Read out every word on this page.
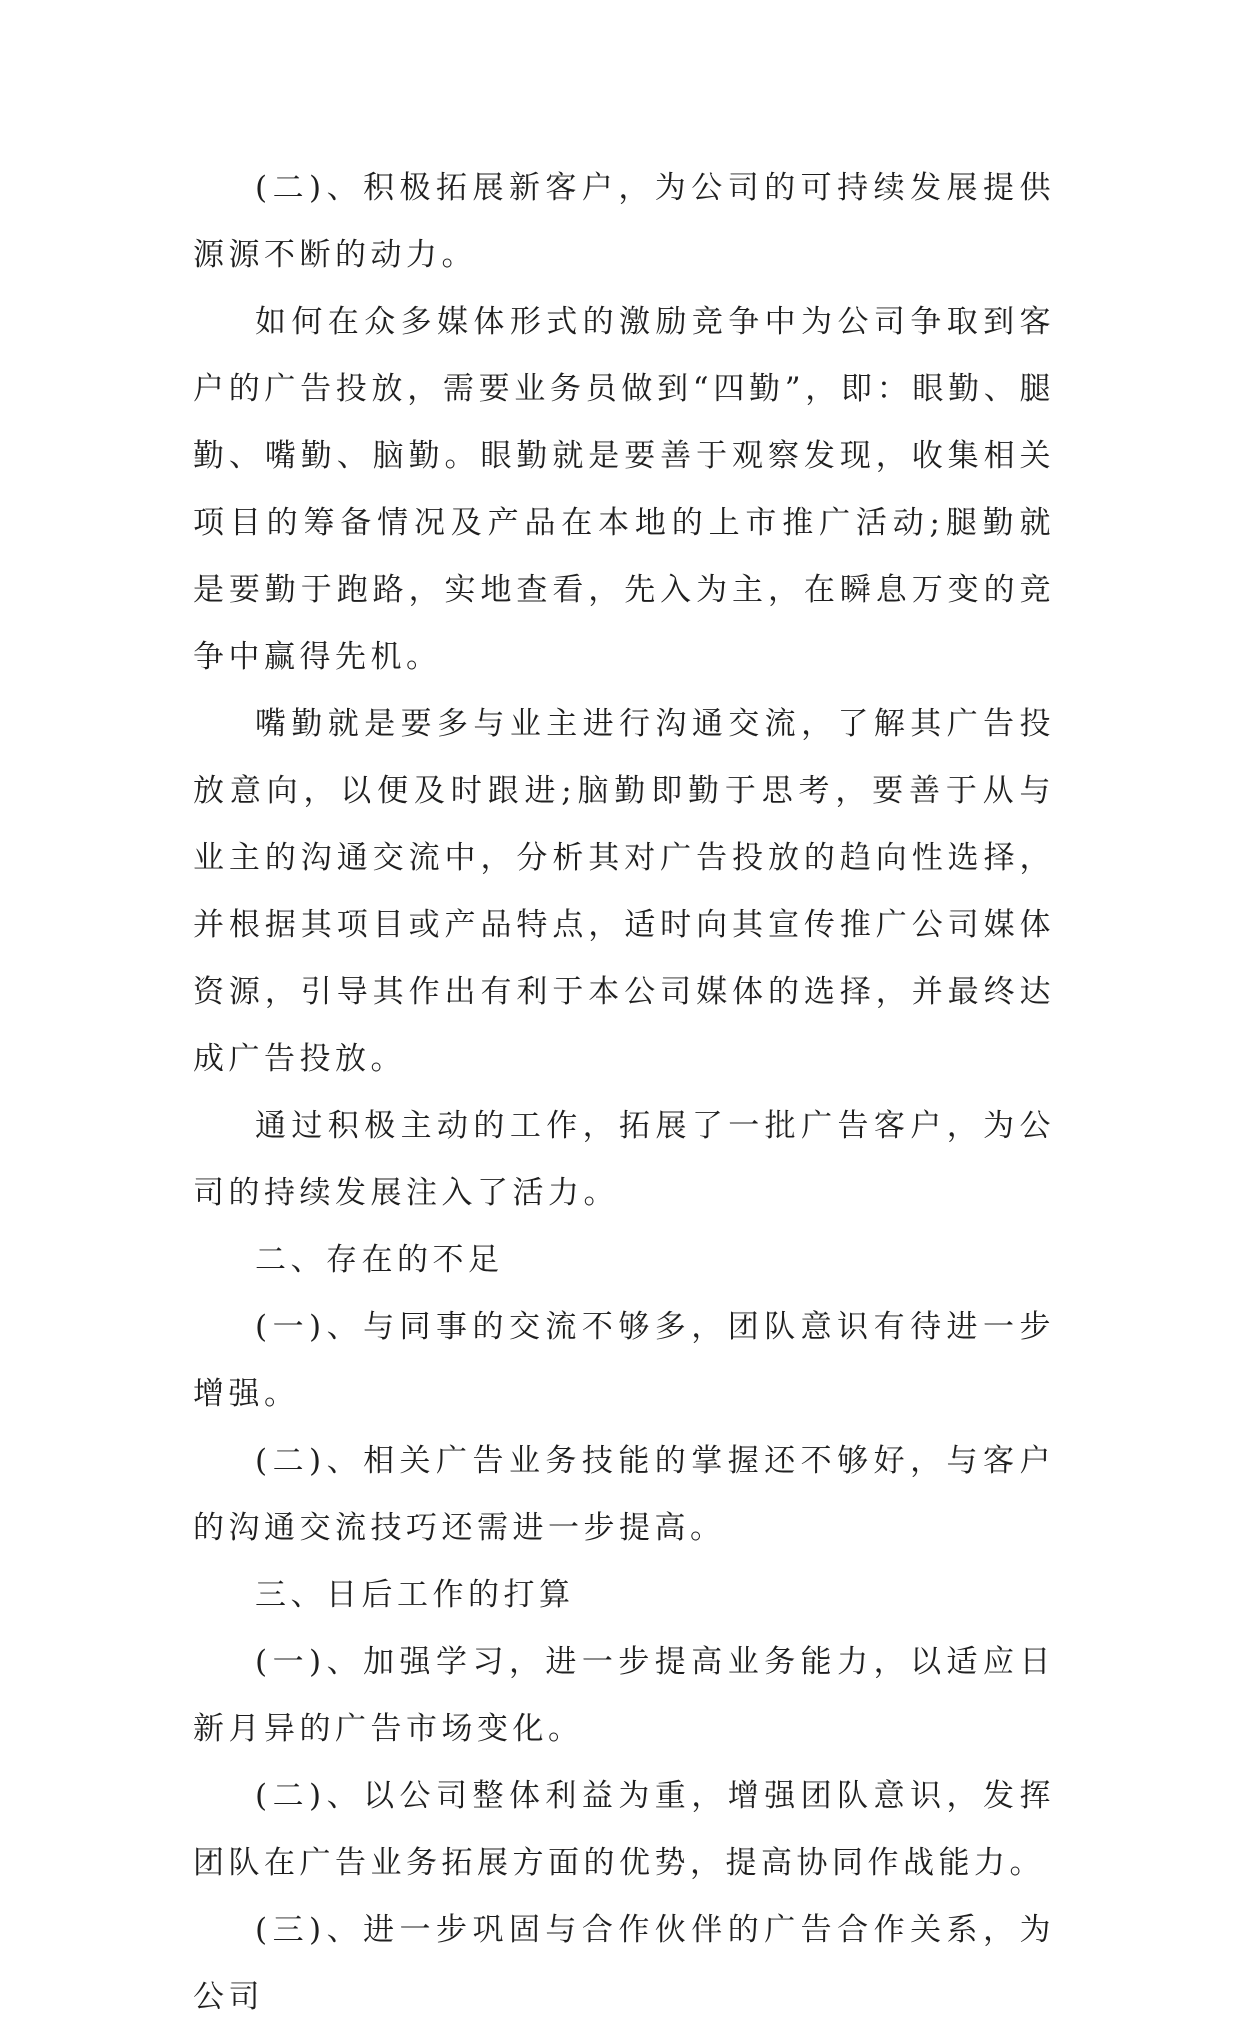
(二)、积极拓展新客户，为公司的可持续发展提供源源不断的动力。

如何在众多媒体形式的激励竞争中为公司争取到客户的广告投放，需要业务员做到“四勤”，即：眼勤、腿勤、嘴勤、脑勤。眼勤就是要善于观察发现，收集相关项目的筹备情况及产品在本地的上市推广活动;腿勤就是要勤于跑路，实地查看，先入为主，在瞬息万变的竞争中赢得先机。

嘴勤就是要多与业主进行沟通交流，了解其广告投放意向，以便及时跟进;脑勤即勤于思考，要善于从与业主的沟通交流中，分析其对广告投放的趋向性选择，并根据其项目或产品特点，适时向其宣传推广公司媒体资源，引导其作出有利于本公司媒体的选择，并最终达成广告投放。

通过积极主动的工作，拓展了一批广告客户，为公司的持续发展注入了活力。

二、存在的不足

(一)、与同事的交流不够多，团队意识有待进一步增强。

(二)、相关广告业务技能的掌握还不够好，与客户的沟通交流技巧还需进一步提高。

三、日后工作的打算

(一)、加强学习，进一步提高业务能力，以适应日新月异的广告市场变化。

(二)、以公司整体利益为重，增强团队意识，发挥团队在广告业务拓展方面的优势，提高协同作战能力。

(三)、进一步巩固与合作伙伴的广告合作关系，为公司
